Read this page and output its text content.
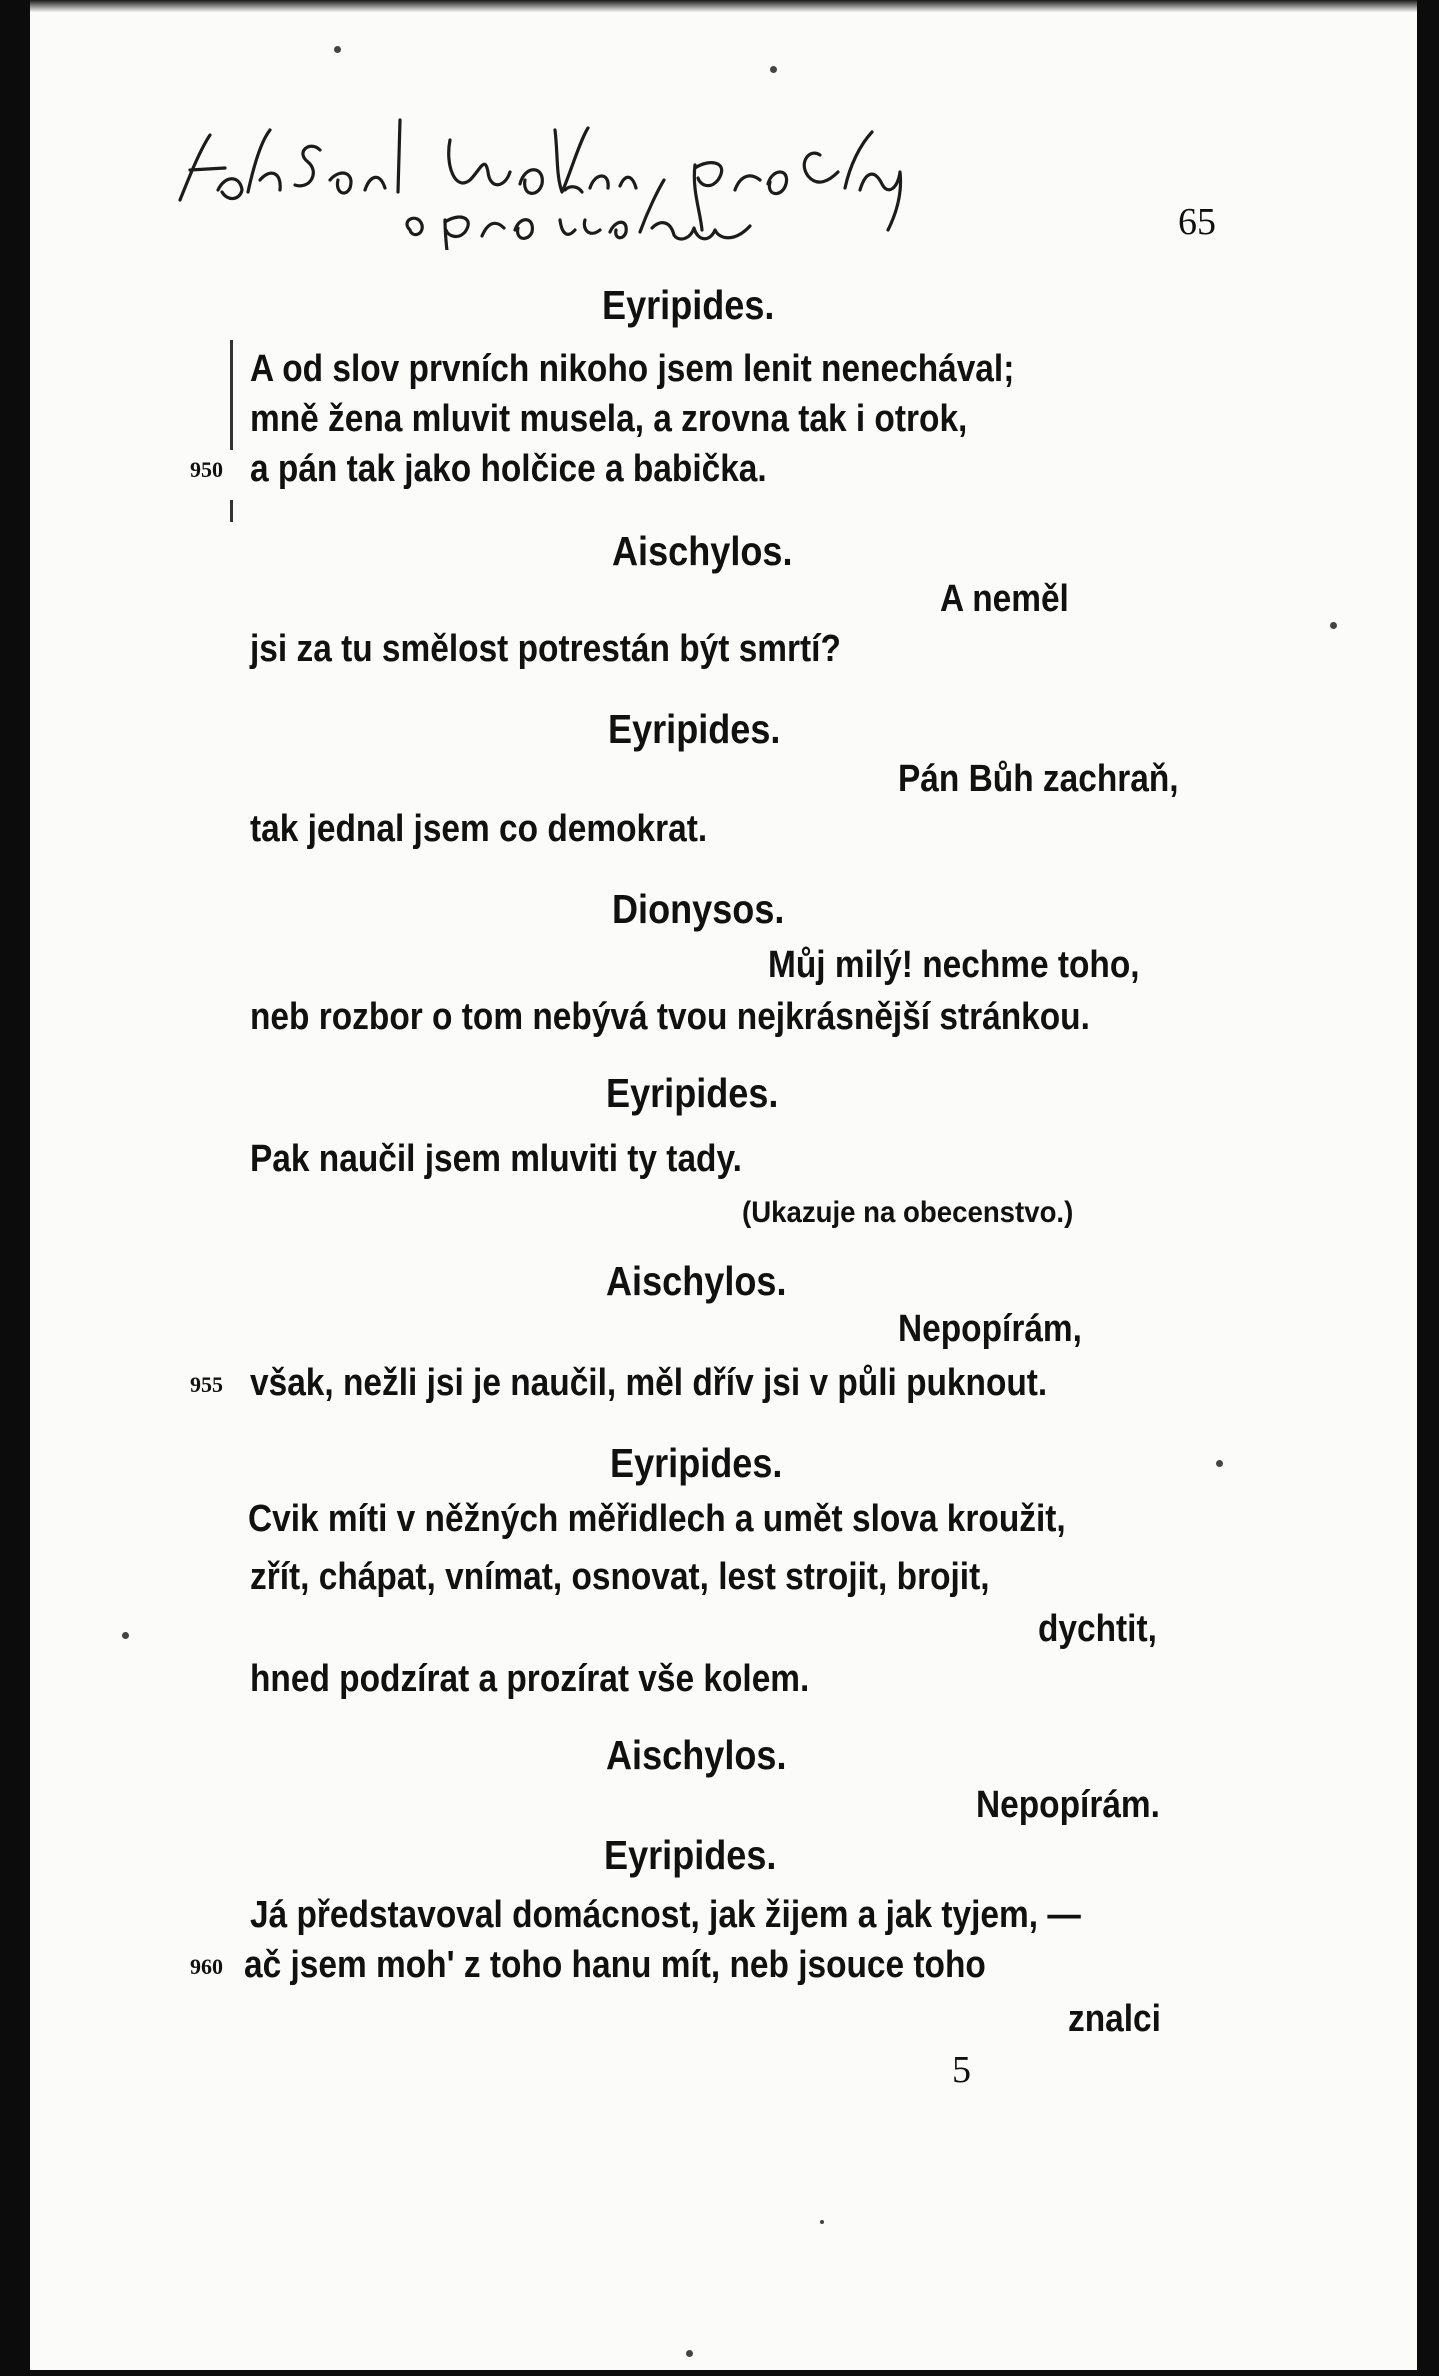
65
Eyripides.
A od slov prvních nikoho jsem lenit nenechával;
mně žena mluvit musela, a zrovna tak i otrok,
950 a pán tak jako holčice a babička.
Aischylos.
A neměl
jsi za tu smělost potrestán být smrtí?
Eyripides.
Pán Bůh zachraň,
tak jednal jsem co demokrat.
Dionysos.
Můj milý! nechme toho,
neb rozbor o tom nebývá tvou nejkrásnější stránkou.
Eyripides.
Pak naučil jsem mluviti ty tady.
(Ukazuje na obecenstvo.)
Aischylos.
Nepopírám,
955 však, nežli jsi je naučil, měl dřív jsi v půli puknout.
Eyripides.
Cvik míti v něžných měřidlech a umět slova kroužit,
zřít, chápat, vnímat, osnovat, lest strojit, brojit,
dychtit,
hned podzírat a prozírat vše kolem.
Aischylos.
Nepopírám.
Eyripides.
Já představoval domácnost, jak žijem a jak tyjem, —
960 ač jsem moh' z toho hanu mít, neb jsouce toho
znalci
5
